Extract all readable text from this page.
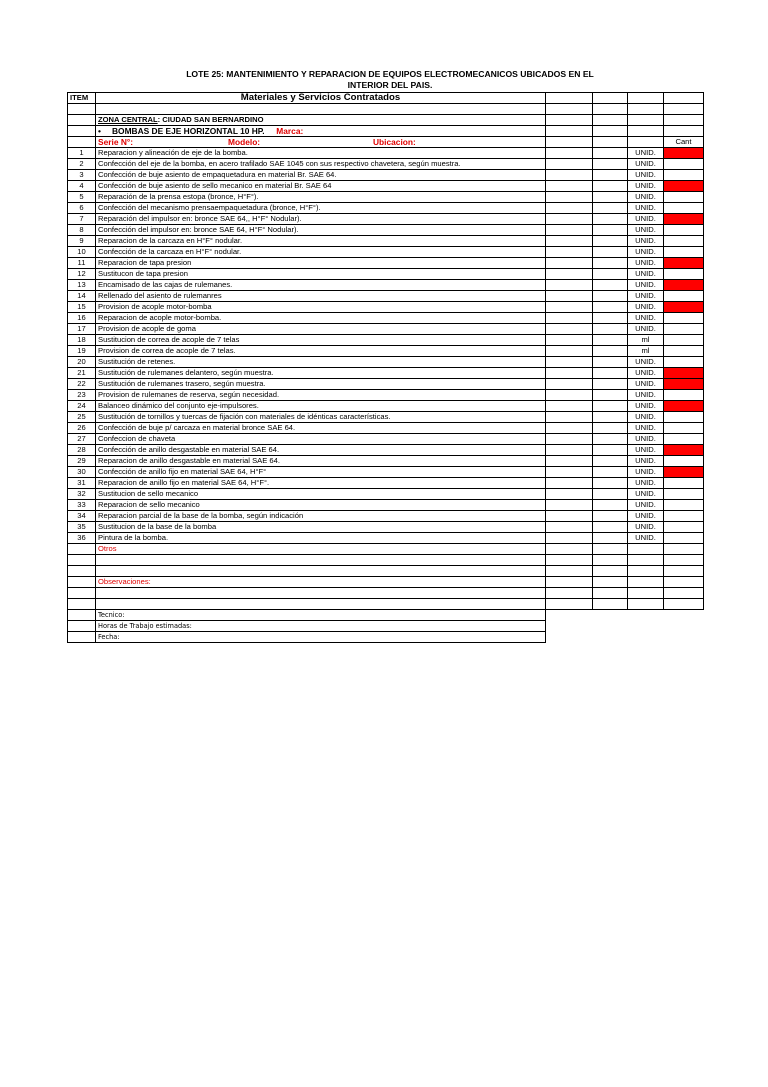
LOTE 25: MANTENIMIENTO Y REPARACION DE EQUIPOS ELECTROMECANICOS UBICADOS EN EL
INTERIOR DEL PAIS.
ITEM	Materiales y Servicios Contratados				

	ZONA CENTRAL: CIUDAD SAN BERNARDINO				
	• BOMBAS DE EJE HORIZONTAL 10 HP. Marca:				
	Serie N°: Modelo: Ubicacion:				Cant
1	Reparacion y alineación de eje de la bomba.			UNID.	1
2	Confección del eje de la bomba, en acero trafilado SAE 1045 con sus respectivo chavetera, según muestra.			UNID.	
3	Confección de buje asiento de empaquetadura en material Br. SAE 64.			UNID.	
4	Confección de buje asiento de sello mecanico en material Br. SAE 64			UNID.	1
5	Reparación de la prensa estopa (bronce, H°F°).			UNID.	
6	Confección del mecanismo prensaempaquetadura (bronce, H°F°).			UNID.	
7	Reparación del impulsor en: bronce SAE 64,, H°F° Nodular).			UNID.	1
8	Confección del impulsor en: bronce SAE 64, H°F° Nodular).			UNID.	
9	Reparacion de la carcaza en H°F° nodular.			UNID.	
10	Confección de la carcaza en H°F° nodular.			UNID.	
11	Reparacion de tapa presion			UNID.	1
12	Sustitucon de tapa presion			UNID.	
13	Encamisado de las cajas de rulemanes.			UNID.	2
14	Rellenado del asiento de rulemanres			UNID.	
15	Provision de acople motor-bomba			UNID.	1
16	Reparacion de acople motor-bomba.			UNID.	
17	Provision de acople de goma			UNID.	
18	Sustitucion de correa de acople de 7 telas			ml	
19	Provision de correa de acople de 7 telas.			ml	
20	Sustitución de retenes.			UNID.	
21	Sustitución de rulemanes delantero, según muestra.			UNID.	1
22	Sustitución de rulemanes trasero, según muestra.			UNID.	1
23	Provision de rulemanes de reserva, según necesidad.			UNID.	
24	Balanceo dinámico del conjunto eje-impulsores.			UNID.	1
25	Sustitución de tornillos y tuercas de fijación con materiales de idénticas características.			UNID.	
26	Confección de buje p/ carcaza en material bronce SAE 64.			UNID.	
27	Confeccion de chaveta			UNID.	
28	Confección de anillo desgastable en material SAE 64.			UNID.	1
29	Reparacion de anillo desgastable en material SAE 64.			UNID.	
30	Confección de anillo fijo en material SAE 64, H°F°			UNID.	1
31	Reparacion de anillo fijo en material SAE 64, H°F°.			UNID.	
32	Sustitucion de sello mecanico			UNID.	
33	Reparacion de sello mecanico			UNID.	
34	Reparacion parcial de la base de la bomba, según indicación			UNID.	
35	Sustitucion de la base de la bomba			UNID.	
36	Pintura de la bomba.			UNID.	
	Otros				

	Observaciones:				

	Tecnico:				
	Horas de Trabajo estimadas:				
	Fecha:				
